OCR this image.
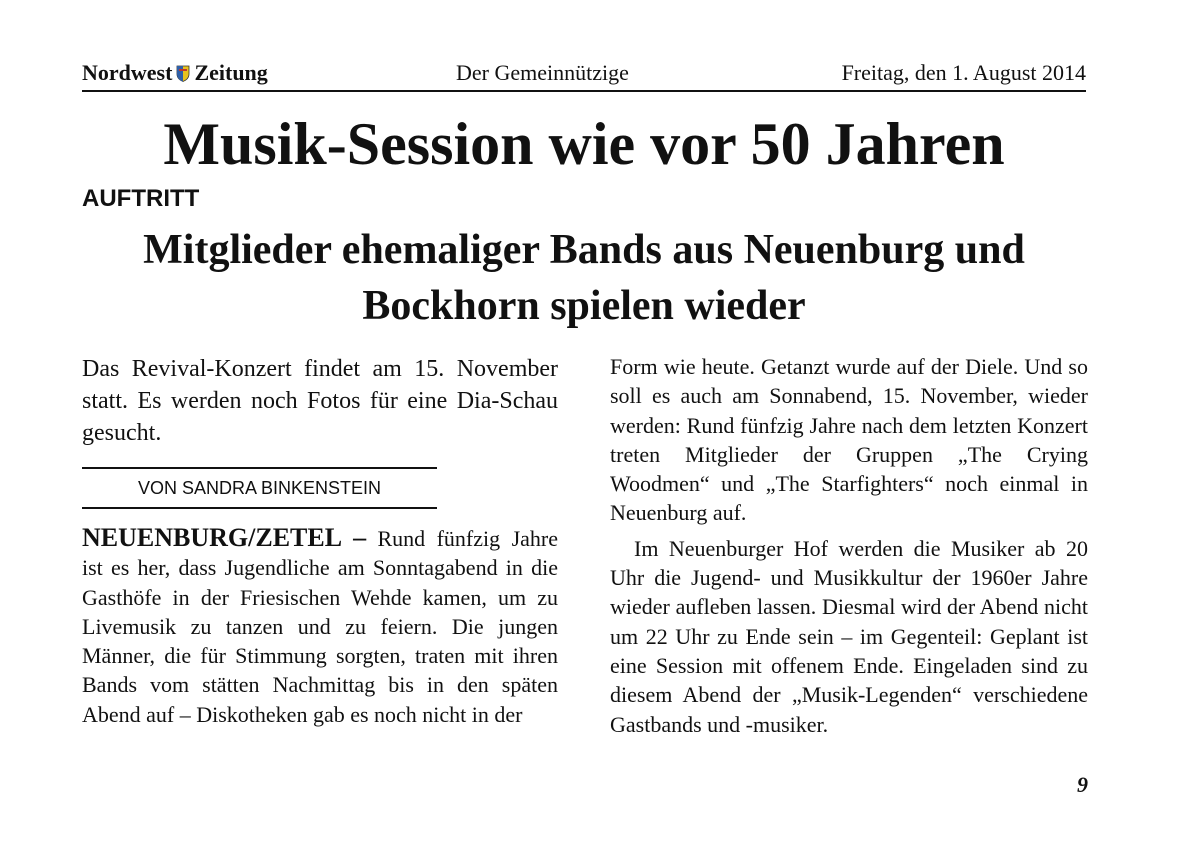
Nordwest Zeitung	Der Gemeinnützige	Freitag, den 1. August 2014
Musik-Session wie vor 50 Jahren
AUFTRITT
Mitglieder ehemaliger Bands aus Neuenburg und Bockhorn spielen wieder
Das Revival-Konzert findet am 15. November statt. Es werden noch Fotos für eine Dia-Schau gesucht.
VON SANDRA BINKENSTEIN

NEUENBURG/ZETEL – Rund fünfzig Jahre ist es her, dass Jugendliche am Sonntagabend in die Gasthöfe in der Friesischen Wehde kamen, um zu Livemusik zu tanzen und zu feiern. Die jungen Männer, die für Stimmung sorgten, traten mit ihren Bands vom stätten Nachmittag bis in den späten Abend auf – Diskotheken gab es noch nicht in der

Form wie heute. Getanzt wurde auf der Diele. Und so soll es auch am Sonnabend, 15. November, wieder werden: Rund fünfzig Jahre nach dem letzten Konzert treten Mitglieder der Gruppen „The Crying Woodmen“ und „The Starfighters“ noch einmal in Neuenburg auf.

Im Neuenburger Hof werden die Musiker ab 20 Uhr die Jugend- und Musikkultur der 1960er Jahre wieder aufleben lassen. Diesmal wird der Abend nicht um 22 Uhr zu Ende sein – im Gegenteil: Geplant ist eine Session mit offenem Ende. Eingeladen sind zu diesem Abend der „Musik-Legenden“ verschiedene Gastbands und -musiker.

9
